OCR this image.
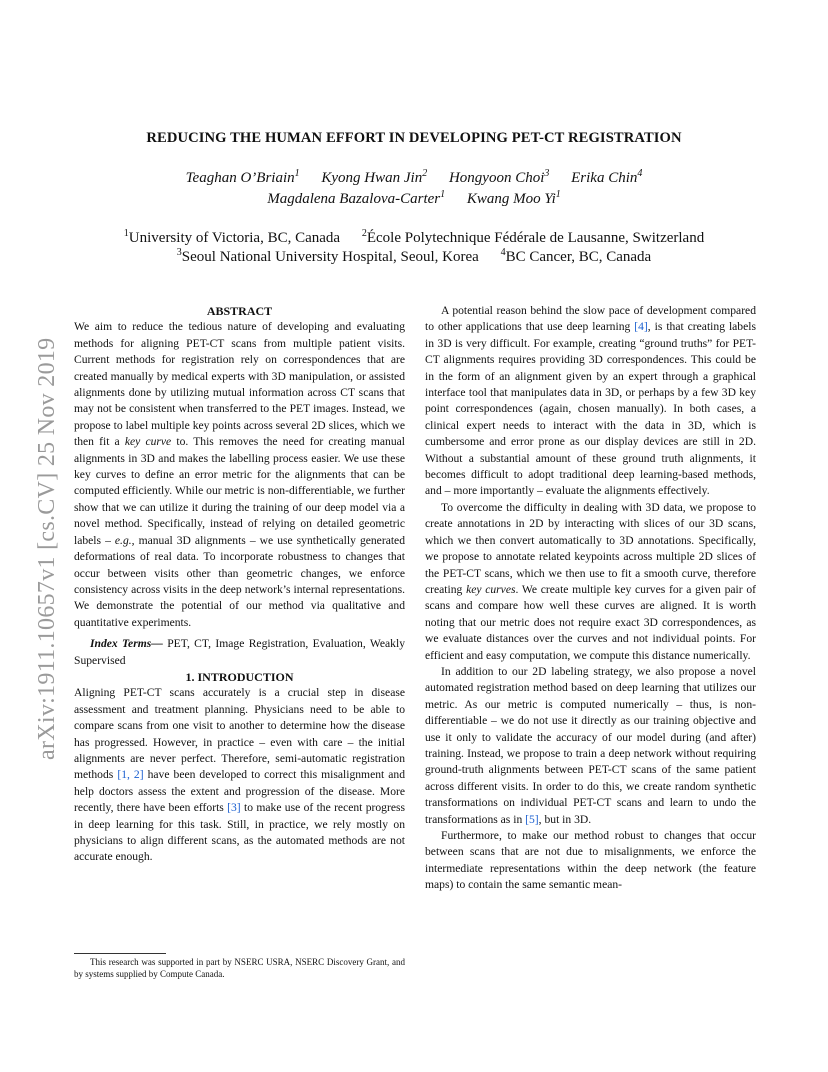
arXiv:1911.10657v1 [cs.CV] 25 Nov 2019
REDUCING THE HUMAN EFFORT IN DEVELOPING PET-CT REGISTRATION
Teaghan O’Briain$^1$ Kyong Hwan Jin$^2$ Hongyoon Choi$^3$ Erika Chin$^4$
Magdalena Bazalova-Carter$^1$ Kwang Moo Yi$^1$
$^1$University of Victoria, BC, Canada $^2$École Polytechnique Fédérale de Lausanne, Switzerland
$^3$Seoul National University Hospital, Seoul, Korea $^4$BC Cancer, BC, Canada

ABSTRACT

We aim to reduce the tedious nature of developing and evaluating methods for aligning PET-CT scans from multiple patient visits. Current methods for registration rely on correspondences that are created manually by medical experts with 3D manipulation, or assisted alignments done by utilizing mutual information across CT scans that may not be consistent when transferred to the PET images. Instead, we propose to label multiple key points across several 2D slices, which we then fit a key curve to. This removes the need for creating manual alignments in 3D and makes the labelling process easier. We use these key curves to define an error metric for the alignments that can be computed efficiently. While our metric is non-differentiable, we further show that we can utilize it during the training of our deep model via a novel method. Specifically, instead of relying on detailed geometric labels – e.g., manual 3D alignments – we use synthetically generated deformations of real data. To incorporate robustness to changes that occur between visits other than geometric changes, we enforce consistency across visits in the deep network’s internal representations. We demonstrate the potential of our method via qualitative and quantitative experiments.

Index Terms— PET, CT, Image Registration, Evaluation, Weakly Supervised

1. INTRODUCTION

Aligning PET-CT scans accurately is a crucial step in disease assessment and treatment planning. Physicians need to be able to compare scans from one visit to another to determine how the disease has progressed. However, in practice – even with care – the initial alignments are never perfect. Therefore, semi-automatic registration methods [1, 2] have been developed to correct this misalignment and help doctors assess the extent and progression of the disease. More recently, there have been efforts [3] to make use of the recent progress in deep learning for this task. Still, in practice, we rely mostly on physicians to align different scans, as the automated methods are not accurate enough.

This research was supported in part by NSERC USRA, NSERC Discovery Grant, and by systems supplied by Compute Canada.

A potential reason behind the slow pace of development compared to other applications that use deep learning [4], is that creating labels in 3D is very difficult. For example, creating “ground truths” for PET-CT alignments requires providing 3D correspondences. This could be in the form of an alignment given by an expert through a graphical interface tool that manipulates data in 3D, or perhaps by a few 3D key point correspondences (again, chosen manually). In both cases, a clinical expert needs to interact with the data in 3D, which is cumbersome and error prone as our display devices are still in 2D. Without a substantial amount of these ground truth alignments, it becomes difficult to adopt traditional deep learning-based methods, and – more importantly – evaluate the alignments effectively.

To overcome the difficulty in dealing with 3D data, we propose to create annotations in 2D by interacting with slices of our 3D scans, which we then convert automatically to 3D annotations. Specifically, we propose to annotate related keypoints across multiple 2D slices of the PET-CT scans, which we then use to fit a smooth curve, therefore creating key curves. We create multiple key curves for a given pair of scans and compare how well these curves are aligned. It is worth noting that our metric does not require exact 3D correspondences, as we evaluate distances over the curves and not individual points. For efficient and easy computation, we compute this distance numerically.

In addition to our 2D labeling strategy, we also propose a novel automated registration method based on deep learning that utilizes our metric. As our metric is computed numerically – thus, is non-differentiable – we do not use it directly as our training objective and use it only to validate the accuracy of our model during (and after) training. Instead, we propose to train a deep network without requiring ground-truth alignments between PET-CT scans of the same patient across different visits. In order to do this, we create random synthetic transformations on individual PET-CT scans and learn to undo the transformations as in [5], but in 3D.

Furthermore, to make our method robust to changes that occur between scans that are not due to misalignments, we enforce the intermediate representations within the deep network (the feature maps) to contain the same semantic mean-
